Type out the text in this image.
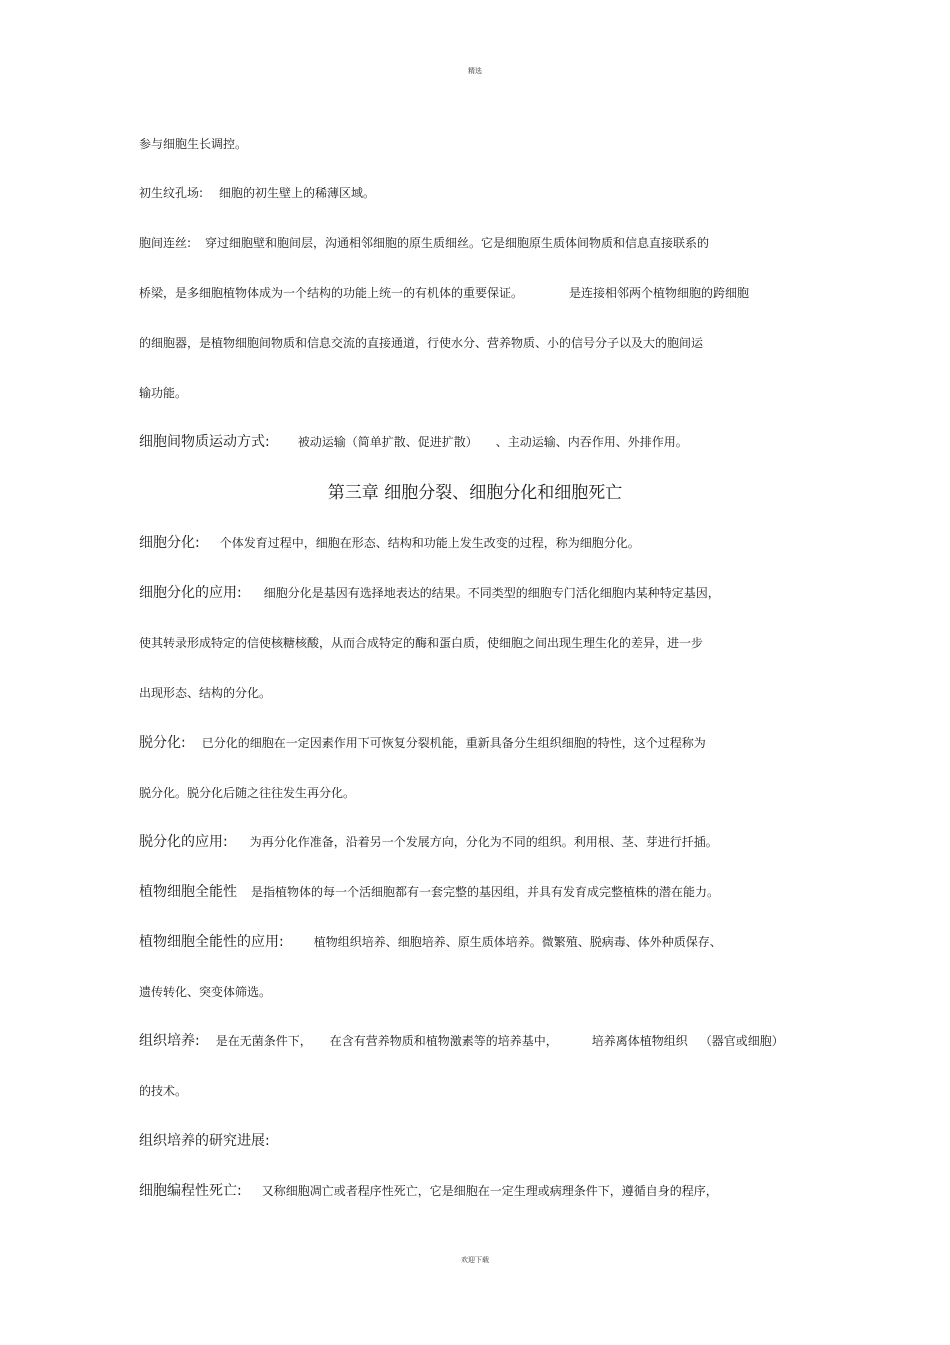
精选
参与细胞生长调控。
初生纹孔场: 细胞的初生壁上的稀薄区域。
胞间连丝: 穿过细胞壁和胞间层，沟通相邻细胞的原生质细丝。它是细胞原生质体间物质和信息直接联系的
桥梁，是多细胞植物体成为一个结构的功能上统一的有机体的重要保证。	是连接相邻两个植物细胞的跨细胞
的细胞器，是植物细胞间物质和信息交流的直接通道，行使水分、营养物质、小的信号分子以及大的胞间运
输功能。
细胞间物质运动方式: 被动运输（简单扩散、促进扩散） 、主动运输、内吞作用、外排作用。
第三章 细胞分裂、细胞分化和细胞死亡
细胞分化: 个体发育过程中，细胞在形态、结构和功能上发生改变的过程，称为细胞分化。
细胞分化的应用: 细胞分化是基因有选择地表达的结果。不同类型的细胞专门活化细胞内某种特定基因，
使其转录形成特定的信使核糖核酸，从而合成特定的酶和蛋白质，使细胞之间出现生理生化的差异，进一步
出现形态、结构的分化。
脱分化: 已分化的细胞在一定因素作用下可恢复分裂机能，重新具备分生组织细胞的特性，这个过程称为
脱分化。脱分化后随之往往发生再分化。
脱分化的应用: 为再分化作准备，沿着另一个发展方向，分化为不同的组织。利用根、茎、芽进行扦插。
植物细胞全能性 是指植物体的每一个活细胞都有一套完整的基因组，并具有发育成完整植株的潜在能力。
植物细胞全能性的应用:	植物组织培养、细胞培养、原生质体培养。微繁殖、脱病毒、体外种质保存、
遗传转化、突变体筛选。
组织培养: 是在无菌条件下， 在含有营养物质和植物激素等的培养基中，	培养离体植物组织 （器官或细胞）
的技术。
组织培养的研究进展:
细胞编程性死亡: 又称细胞凋亡或者程序性死亡，它是细胞在一定生理或病理条件下，遵循自身的程序，
欢迎下载
